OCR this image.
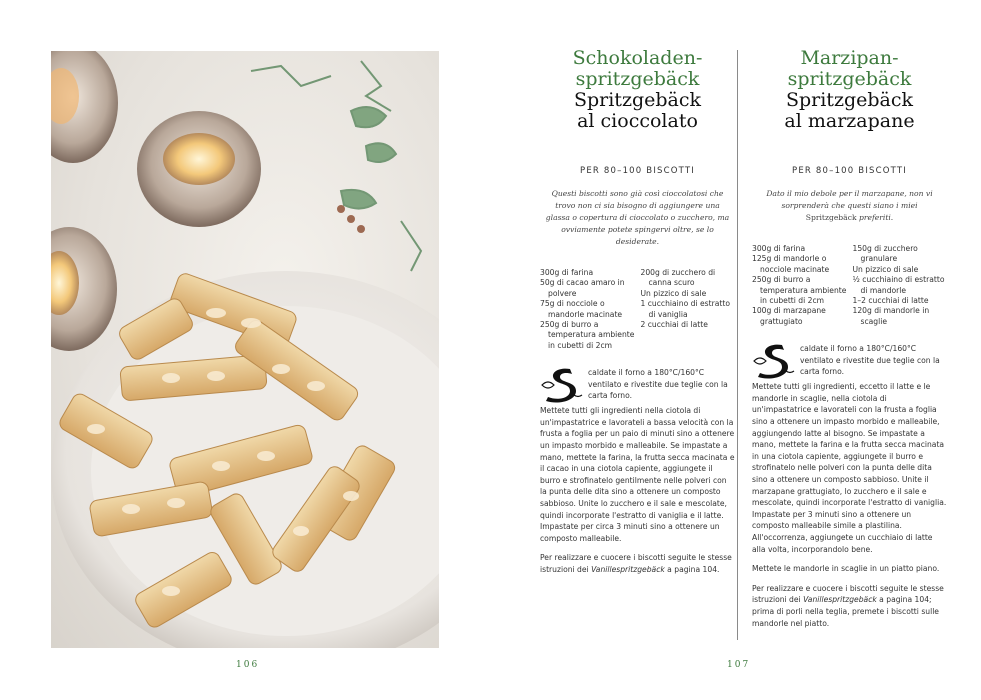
106
Schokoladen-
spritzgebäck
Spritzgebäck
al cioccolato
PER 80–100 BISCOTTI
Questi biscotti sono già così cioccolatosi che trovo non ci sia bisogno di aggiungere una glassa o copertura di cioccolato o zucchero, ma ovviamente potete spingervi oltre, se lo desiderate.
300g di farina
50g di cacao amaro in polvere
75g di nocciole o mandorle macinate
250g di burro a temperatura ambiente in cubetti di 2cm
200g di zucchero di canna scuro
Un pizzico di sale
1 cucchiaino di estratto di vaniglia
2 cucchiai di latte

caldate il forno a 180°C/160°C ventilato e rivestite due teglie con la carta forno.

Mettete tutti gli ingredienti nella ciotola di un'impastatrice e lavorateli a bassa velocità con la frusta a foglia per un paio di minuti sino a ottenere un impasto morbido e malleabile. Se impastate a mano, mettete la farina, la frutta secca macinata e il cacao in una ciotola capiente, aggiungete il burro e strofinatelo gentilmente nelle polveri con la punta delle dita sino a ottenere un composto sabbioso. Unite lo zucchero e il sale e mescolate, quindi incorporate l'estratto di vaniglia e il latte. Impastate per circa 3 minuti sino a ottenere un composto malleabile.

Per realizzare e cuocere i biscotti seguite le stesse istruzioni dei Vanillespritzgebäck a pagina 104.

Marzipan-
spritzgebäck
Spritzgebäck
al marzapane
PER 80–100 BISCOTTI
Dato il mio debole per il marzapane, non vi sorprenderà che questi siano i miei Spritzgebäck preferiti.
300g di farina
125g di mandorle o nocciole macinate
250g di burro a temperatura ambiente in cubetti di 2cm
100g di marzapane grattugiato
150g di zucchero granulare
Un pizzico di sale
½ cucchiaino di estratto di mandorle
1–2 cucchiai di latte
120g di mandorle in scaglie

caldate il forno a 180°C/160°C ventilato e rivestite due teglie con la carta forno.

Mettete tutti gli ingredienti, eccetto il latte e le mandorle in scaglie, nella ciotola di un'impastatrice e lavorateli con la frusta a foglia sino a ottenere un impasto morbido e malleabile, aggiungendo latte al bisogno. Se impastate a mano, mettete la farina e la frutta secca macinata in una ciotola capiente, aggiungete il burro e strofinatelo nelle polveri con la punta delle dita sino a ottenere un composto sabbioso. Unite il marzapane grattugiato, lo zucchero e il sale e mescolate, quindi incorporate l'estratto di vaniglia. Impastate per 3 minuti sino a ottenere un composto malleabile simile a plastilina. All'occorrenza, aggiungete un cucchiaio di latte alla volta, incorporandolo bene.

Mettete le mandorle in scaglie in un piatto piano.

Per realizzare e cuocere i biscotti seguite le stesse istruzioni dei Vanillespritzgebäck a pagina 104; prima di porli nella teglia, premete i biscotti sulle mandorle nel piatto.

107
